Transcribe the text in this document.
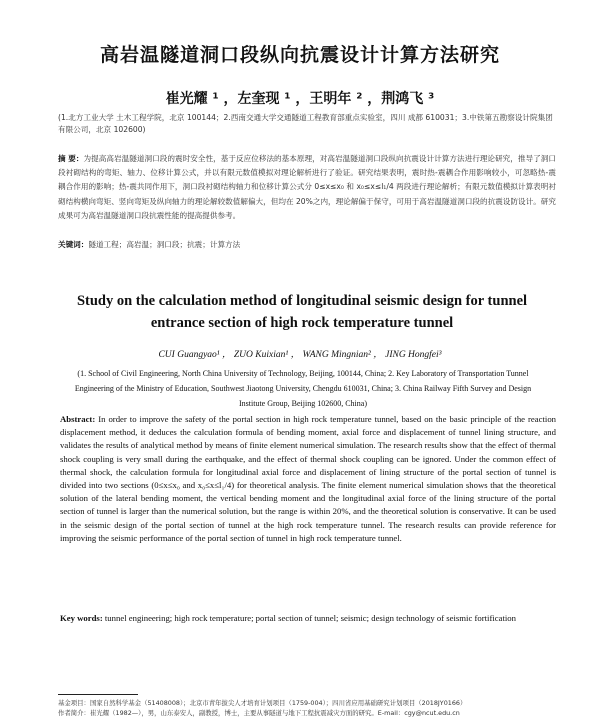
高岩温隧道洞口段纵向抗震设计计算方法研究
崔光耀 ¹ ，左奎现 ¹ ，王明年 ² ，荆鸿飞 ³
(1.北方工业大学 土木工程学院，北京 100144；2.西南交通大学交通隧道工程教育部重点实验室，四川 成都 610031；3.中铁第五勘察设计院集团有限公司，北京 102600)
摘 要：为提高高岩温隧道洞口段的震时安全性，基于反应位移法的基本原理，对高岩温隧道洞口段纵向抗震设计计算方法进行理论研究，推导了洞口段衬砌结构的弯矩、轴力、位移计算公式，并以有限元数值模拟对理论解析进行了验证。研究结果表明，震时热-震耦合作用影响较小，可忽略热-震耦合作用的影响；热-震共同作用下，洞口段衬砌结构轴力和位移计算公式分 0≤x≤x₀ 和 x₀≤x≤l₁/4 两段进行理论解析；有限元数值模拟计算表明衬砌结构横向弯矩、竖向弯矩及纵向轴力的理论解较数值解偏大，但均在 20%之内，理论解偏于保守，可用于高岩温隧道洞口段的抗震设防设计。研究成果可为高岩温隧道洞口段抗震性能的提高提供参考。
关键词：隧道工程；高岩温；洞口段；抗震；计算方法
Study on the calculation method of longitudinal seismic design for tunnel entrance section of high rock temperature tunnel
CUI Guangyao¹ ， ZUO Kuixian¹ ， WANG Mingnian² ， JING Hongfei³
(1. School of Civil Engineering, North China University of Technology, Beijing, 100144, China; 2. Key Laboratory of Transportation Tunnel Engineering of the Ministry of Education, Southwest Jiaotong University, Chengdu 610031, China; 3. China Railway Fifth Survey and Design Institute Group, Beijing 102600, China)
Abstract: In order to improve the safety of the portal section in high rock temperature tunnel, based on the basic principle of the reaction displacement method, it deduces the calculation formula of bending moment, axial force and displacement of tunnel lining structure, and validates the results of analytical method by means of finite element numerical simulation. The research results show that the effect of thermal shock coupling is very small during the earthquake, and the effect of thermal shock coupling can be ignored. Under the common effect of thermal shock, the calculation formula for longitudinal axial force and displacement of lining structure of the portal section of tunnel is divided into two sections (0≤x≤x₀ and x₀≤x≤l₁/4) for theoretical analysis. The finite element numerical simulation shows that the theoretical solution of the lateral bending moment, the vertical bending moment and the longitudinal axial force of the lining structure of the portal section of tunnel is larger than the numerical solution, but the range is within 20%, and the theoretical solution is conservative. It can be used in the seismic design of the portal section of tunnel at the high rock temperature tunnel. The research results can provide reference for improving the seismic performance of the portal section of tunnel in high rock temperature tunnel.
Key words: tunnel engineering; high rock temperature; portal section of tunnel; seismic; design technology of seismic fortification
基金项目：国家自然科学基金（51408008）；北京市青年拔尖人才培育计划项目（1759-004）；四川省应用基础研究计划项目（2018JY0166）
作者简介：崔光耀（1982—），男，山东泰安人，副教授，博士，主要从事隧道与地下工程抗震减灾方面的研究。E-mail：cgy@ncut.edu.cn
